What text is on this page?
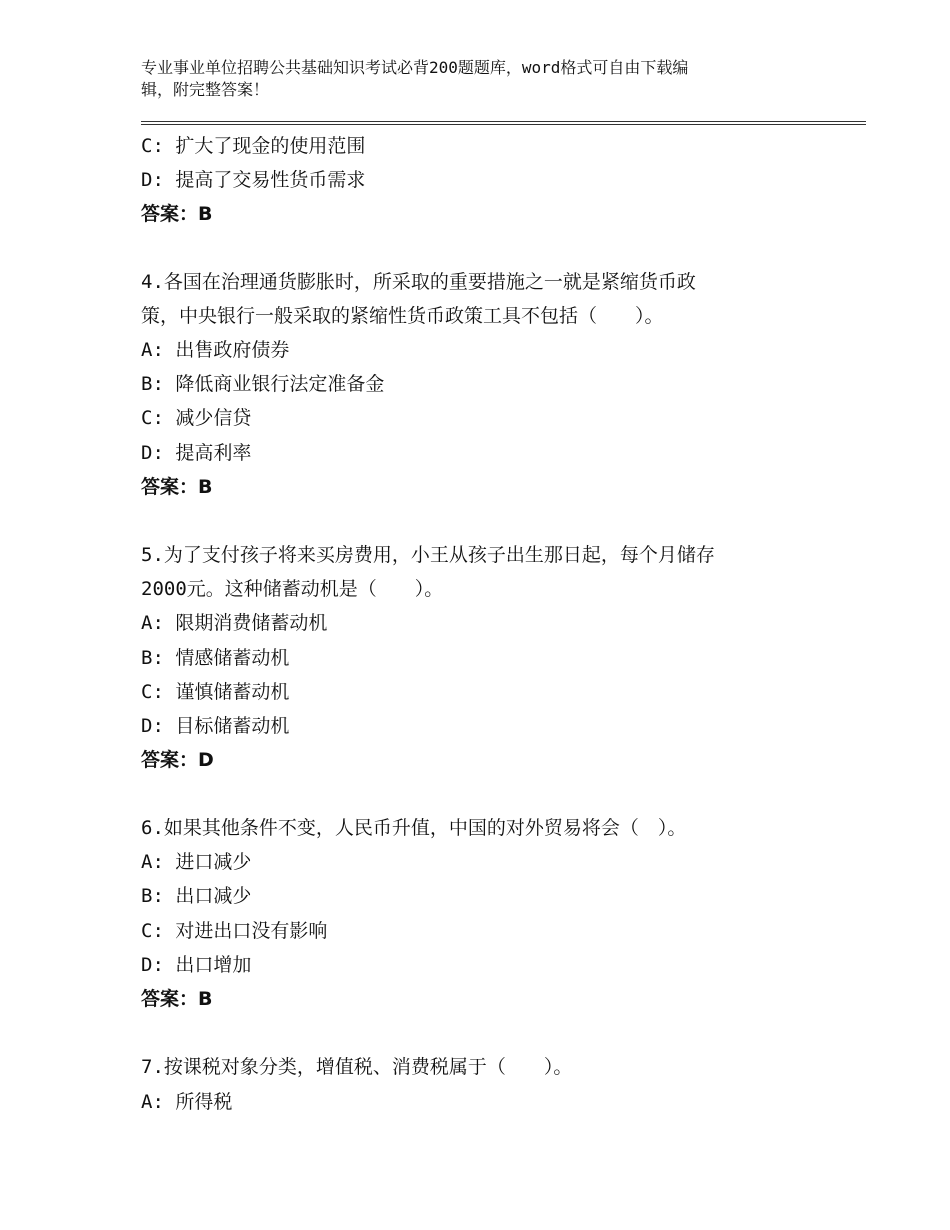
专业事业单位招聘公共基础知识考试必背200题题库，word格式可自由下载编
辑，附完整答案！
C: 扩大了现金的使用范围
D: 提高了交易性货币需求
答案：B
4.各国在治理通货膨胀时，所采取的重要措施之一就是紧缩货币政
策，中央银行一般采取的紧缩性货币政策工具不包括（　　）。
A: 出售政府债券
B: 降低商业银行法定准备金
C: 减少信贷
D: 提高利率
答案：B
5.为了支付孩子将来买房费用，小王从孩子出生那日起，每个月储存
2000元。这种储蓄动机是（　　）。
A: 限期消费储蓄动机
B: 情感储蓄动机
C: 谨慎储蓄动机
D: 目标储蓄动机
答案：D
6.如果其他条件不变，人民币升值，中国的对外贸易将会（　）。
A: 进口减少
B: 出口减少
C: 对进出口没有影响
D: 出口增加
答案：B
7.按课税对象分类，增值税、消费税属于（　　）。
A: 所得税
